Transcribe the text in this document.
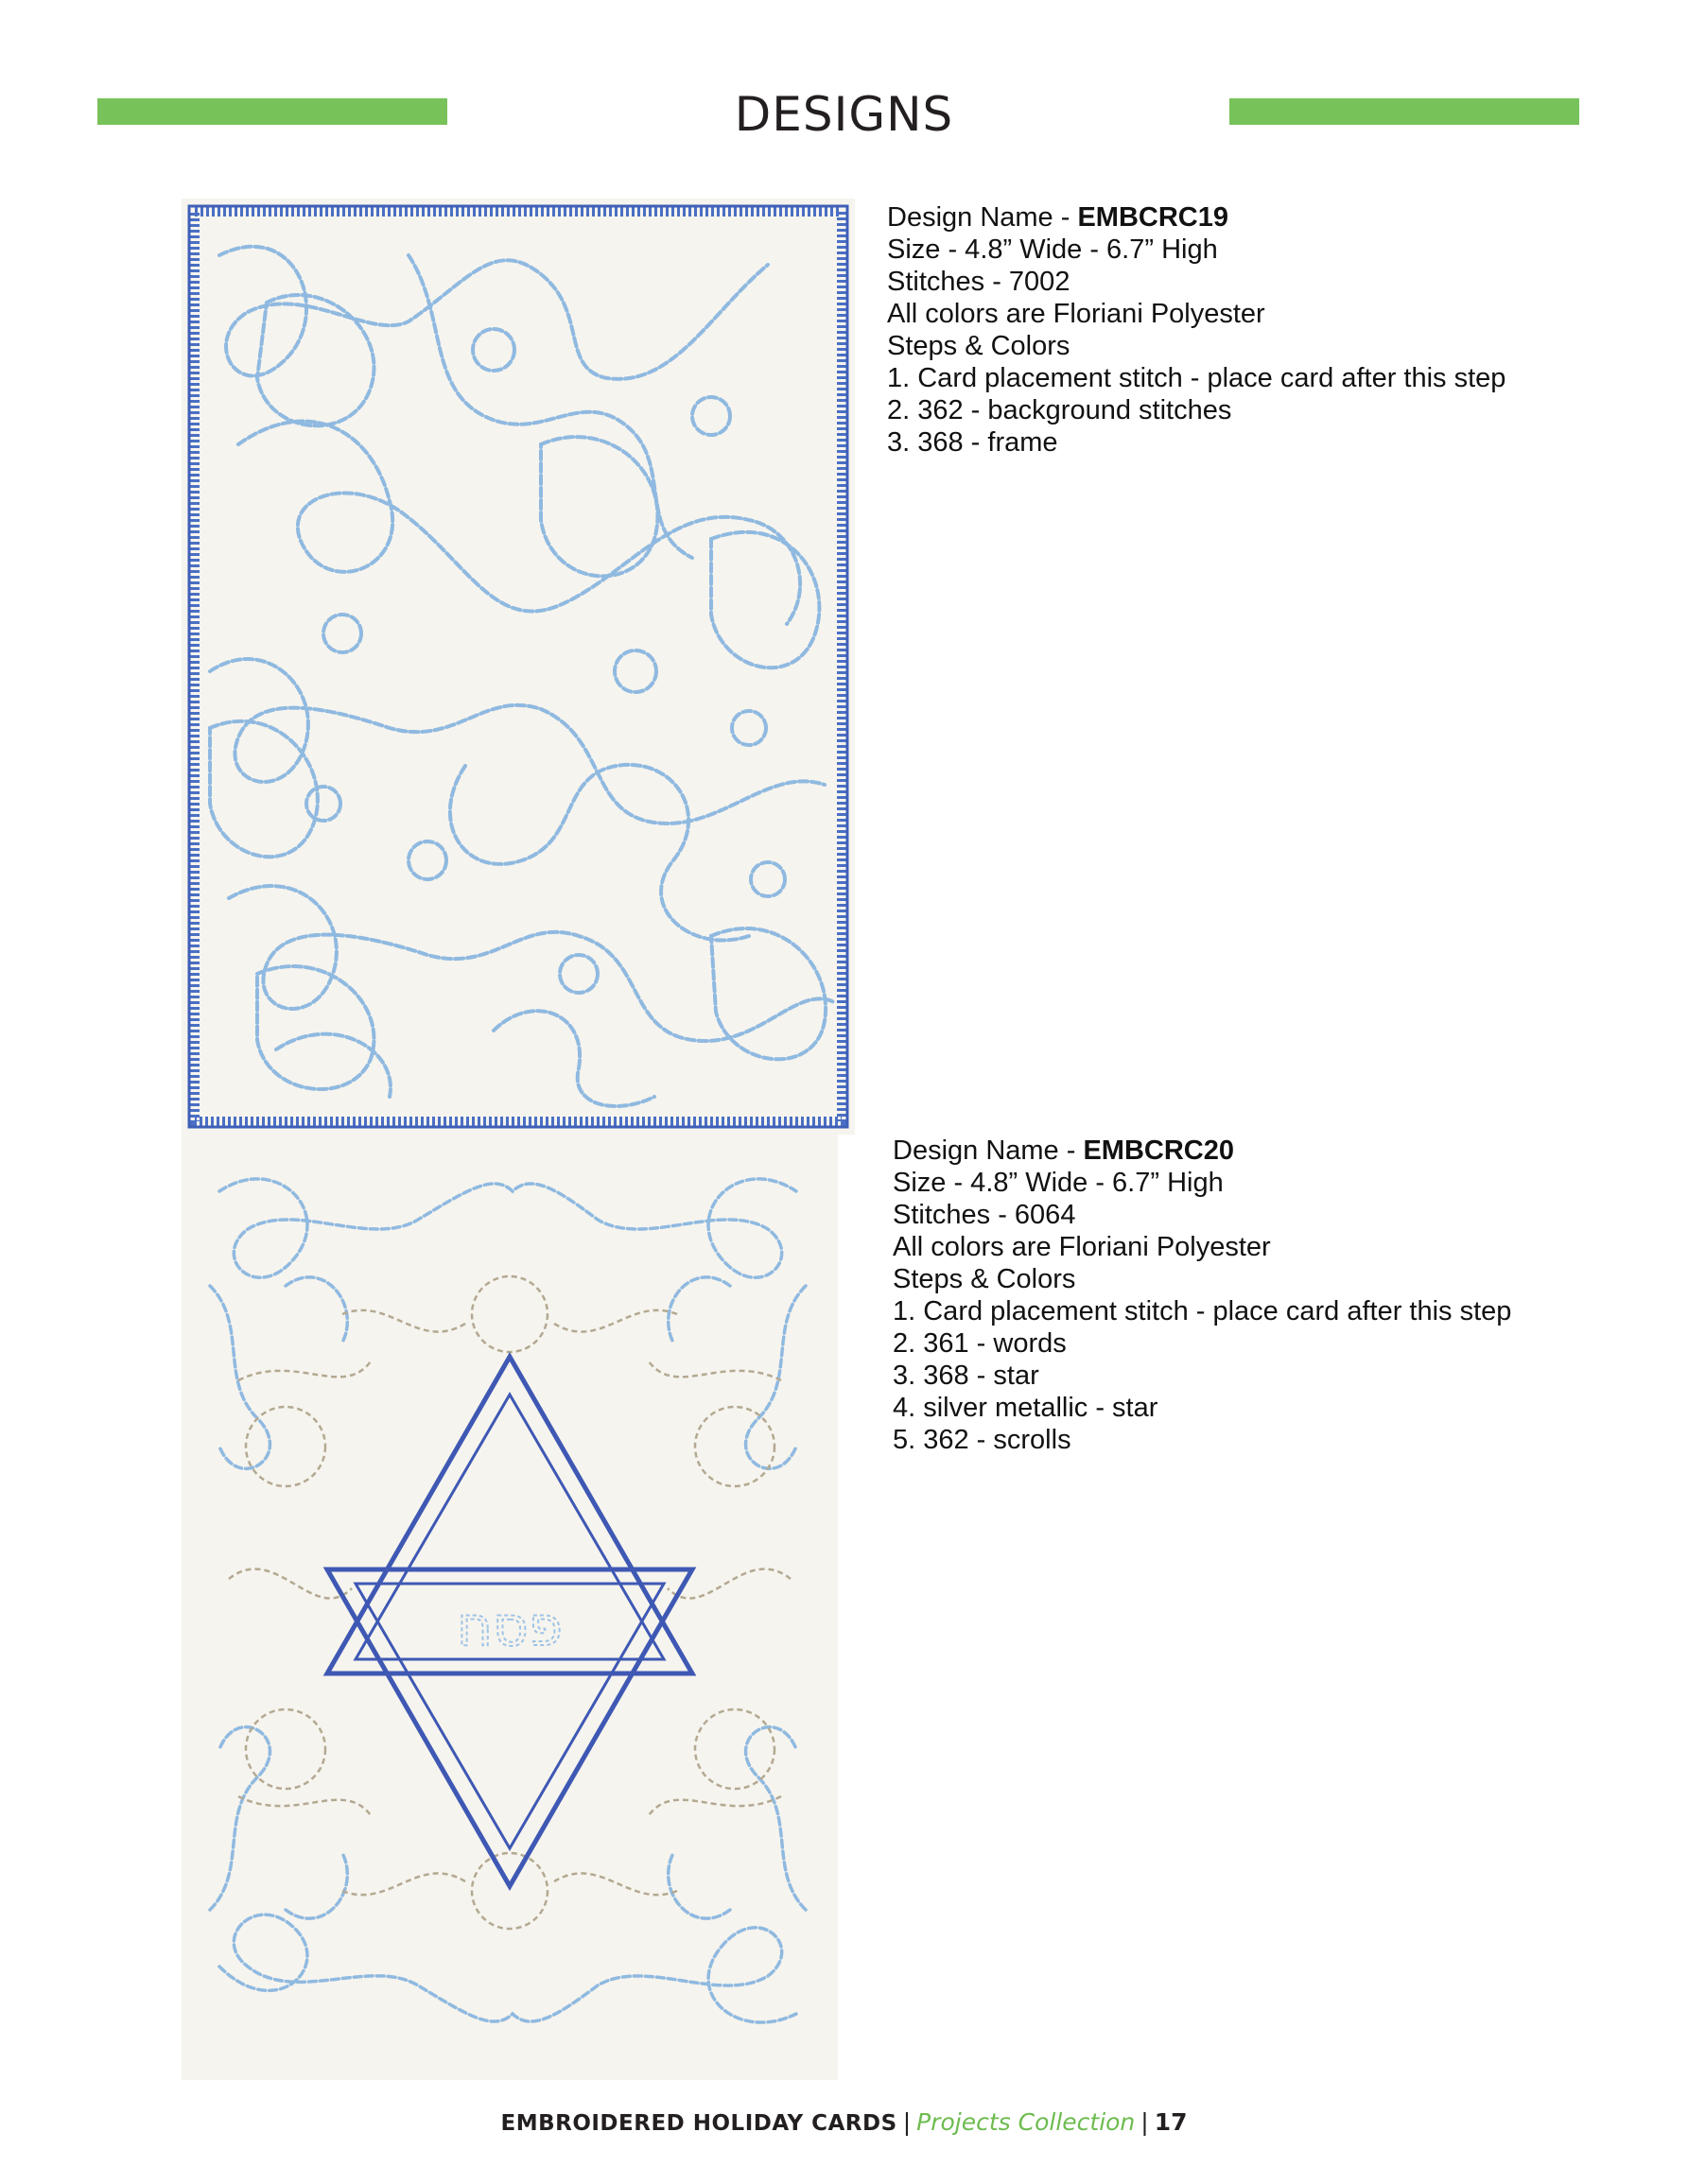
DESIGNS
Design Name - EMBCRC19
Size - 4.8” Wide - 6.7” High
Stitches - 7002
All colors are Floriani Polyester
Steps & Colors
1. Card placement stitch - place card after this step
2. 362 - background stitches
3. 368 - frame
פסח
Design Name - EMBCRC20
Size - 4.8” Wide - 6.7” High
Stitches - 6064
All colors are Floriani Polyester
Steps & Colors
1. Card placement stitch - place card after this step
2. 361 - words
3. 368 - star
4. silver metallic - star
5. 362 - scrolls
EMBROIDERED HOLIDAY CARDS | Projects Collection | 17
